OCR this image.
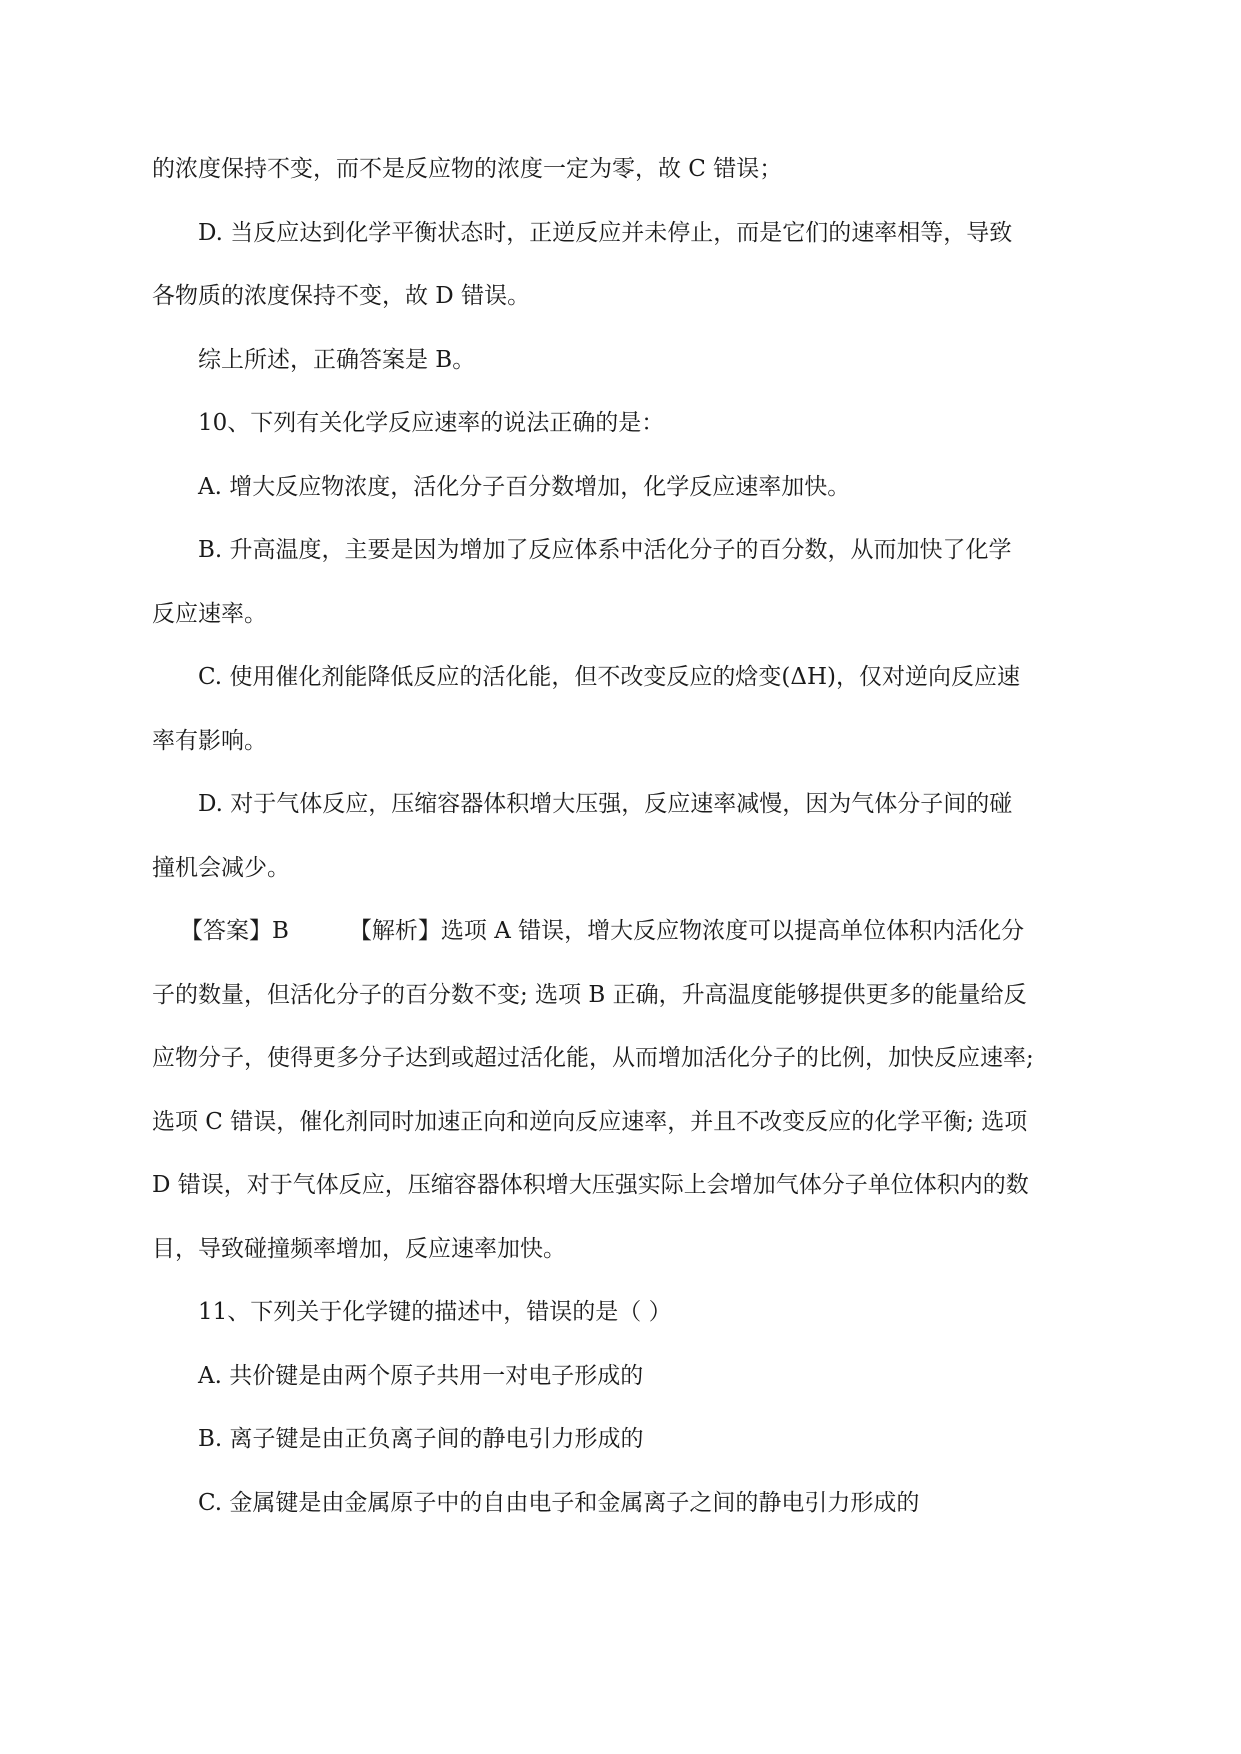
的浓度保持不变，而不是反应物的浓度一定为零，故 C 错误；
D. 当反应达到化学平衡状态时，正逆反应并未停止，而是它们的速率相等，导致
各物质的浓度保持不变，故 D 错误。
综上所述，正确答案是 B。
10、下列有关化学反应速率的说法正确的是：
A. 增大反应物浓度，活化分子百分数增加，化学反应速率加快。
B. 升高温度，主要是因为增加了反应体系中活化分子的百分数，从而加快了化学
反应速率。
C. 使用催化剂能降低反应的活化能，但不改变反应的焓变(ΔH)，仅对逆向反应速
率有影响。
D. 对于气体反应，压缩容器体积增大压强，反应速率减慢，因为气体分子间的碰
撞机会减少。
【答案】B	【解析】选项 A 错误，增大反应物浓度可以提高单位体积内活化分
子的数量，但活化分子的百分数不变; 选项 B 正确，升高温度能够提供更多的能量给反
应物分子，使得更多分子达到或超过活化能，从而增加活化分子的比例，加快反应速率;
选项 C 错误，催化剂同时加速正向和逆向反应速率，并且不改变反应的化学平衡; 选项
D 错误，对于气体反应，压缩容器体积增大压强实际上会增加气体分子单位体积内的数
目，导致碰撞频率增加，反应速率加快。
11、下列关于化学键的描述中，错误的是（ ）
A. 共价键是由两个原子共用一对电子形成的
B. 离子键是由正负离子间的静电引力形成的
C. 金属键是由金属原子中的自由电子和金属离子之间的静电引力形成的
